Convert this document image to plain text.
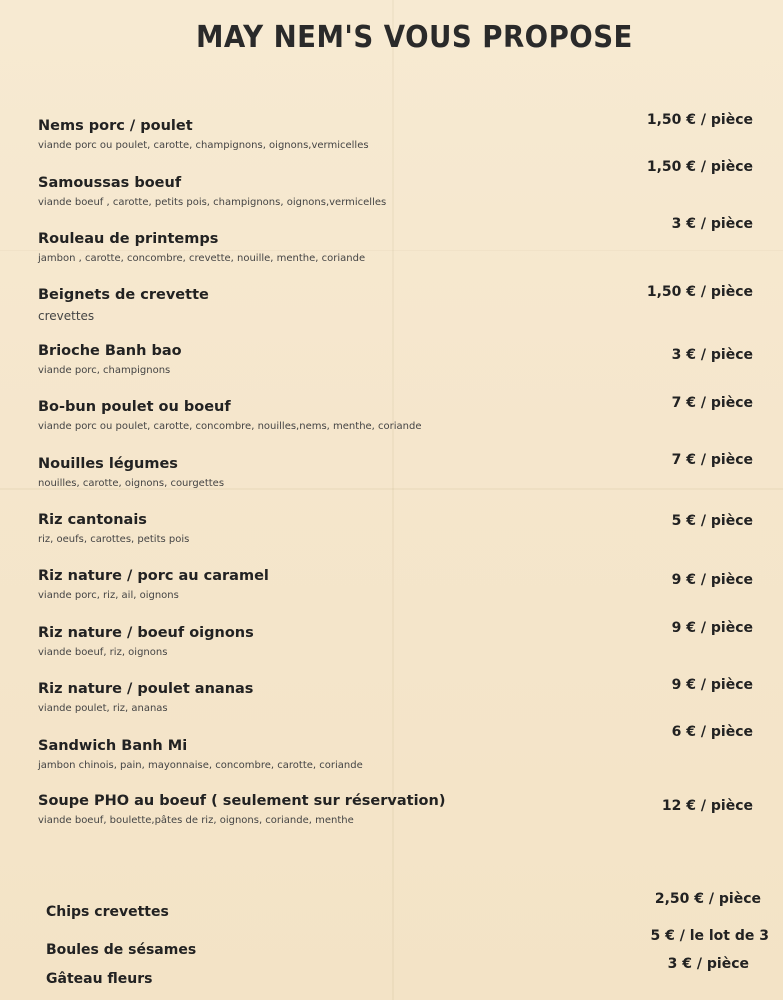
MAY NEM'S VOUS PROPOSE
Nems porc / poulet
viande porc ou poulet, carotte, champignons, oignons,vermicelles
1,50 € / pièce
Samoussas boeuf
viande boeuf , carotte, petits pois, champignons, oignons,vermicelles
1,50 € / pièce
Rouleau de printemps
jambon , carotte, concombre, crevette, nouille, menthe, coriande
3 € / pièce
Beignets de crevette
crevettes
1,50 € / pièce
Brioche Banh bao
viande porc, champignons
3 € / pièce
Bo-bun poulet ou boeuf
viande porc ou poulet, carotte, concombre, nouilles,nems, menthe, coriande
7 € / pièce
Nouilles légumes
nouilles, carotte, oignons, courgettes
7 € / pièce
Riz cantonais
riz, oeufs, carottes, petits pois
5 € / pièce
Riz nature / porc au caramel
viande porc, riz, ail, oignons
9 € / pièce
Riz nature / boeuf oignons
viande boeuf, riz, oignons
9 € / pièce
Riz nature / poulet ananas
viande poulet, riz, ananas
9 € / pièce
Sandwich Banh Mi
jambon chinois, pain, mayonnaise, concombre, carotte, coriande
6 € / pièce
Soupe PHO au boeuf ( seulement sur réservation)
viande boeuf, boulette,pâtes de riz, oignons, coriande, menthe
12 € / pièce
Chips crevettes
2,50 € / pièce
Boules de sésames
5 € / le lot de 3
Gâteau fleurs
3 € / pièce
